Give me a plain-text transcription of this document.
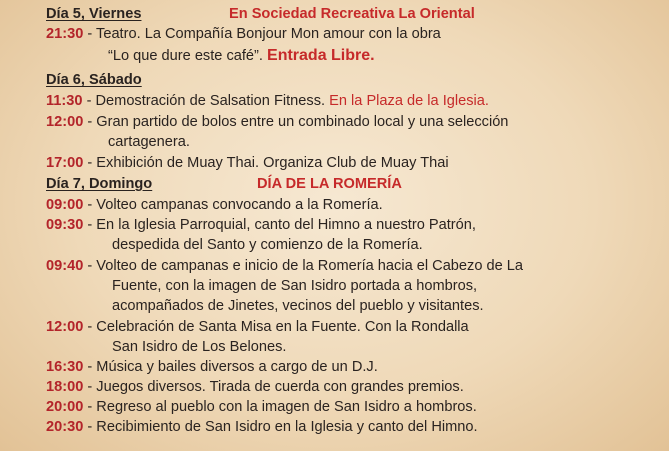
Día 5, Viernes	En Sociedad Recreativa La Oriental
21:30 - Teatro. La Compañía Bonjour Mon amour con la obra
“Lo que dure este café”. Entrada Libre.
Día 6, Sábado
11:30 - Demostración de Salsation Fitness. En la Plaza de la Iglesia.
12:00 - Gran partido de bolos entre un combinado local y una selección
cartagenera.
17:00 - Exhibición de Muay Thai. Organiza Club de Muay Thai
Día 7, Domingo	DÍA DE LA ROMERÍA
09:00 - Volteo campanas convocando a la Romería.
09:30 - En la Iglesia Parroquial, canto del Himno a nuestro Patrón,
despedida del Santo y comienzo de la Romería.
09:40 - Volteo de campanas e inicio de la Romería hacia el Cabezo de La
Fuente, con la imagen de San Isidro portada a hombros,
acompañados de Jinetes, vecinos del pueblo y visitantes.
12:00 - Celebración de Santa Misa en la Fuente. Con la Rondalla
San Isidro de Los Belones.
16:30 - Música y bailes diversos a cargo de un D.J.
18:00 - Juegos diversos. Tirada de cuerda con grandes premios.
20:00 - Regreso al pueblo con la imagen de San Isidro a hombros.
20:30 - Recibimiento de San Isidro en la Iglesia y canto del Himno.
